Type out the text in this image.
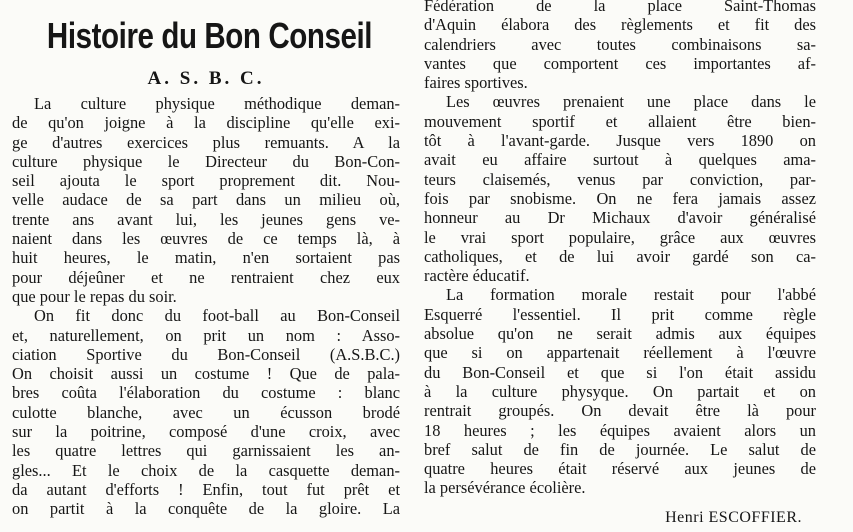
Histoire du Bon Conseil
A. S. B. C.
La culture physique méthodique deman-
de qu'on joigne à la discipline qu'elle exi-
ge d'autres exercices plus remuants. A la
culture physique le Directeur du Bon-Con-
seil ajouta le sport proprement dit. Nou-
velle audace de sa part dans un milieu où,
trente ans avant lui, les jeunes gens ve-
naient dans les œuvres de ce temps là, à
huit heures, le matin, n'en sortaient pas
pour déjeûner et ne rentraient chez eux
que pour le repas du soir.
On fit donc du foot-ball au Bon-Conseil
et, naturellement, on prit un nom : Asso-
ciation Sportive du Bon-Conseil (A.S.B.C.)
On choisit aussi un costume ! Que de pala-
bres coûta l'élaboration du costume : blanc
culotte blanche, avec un écusson brodé
sur la poitrine, composé d'une croix, avec
les quatre lettres qui garnissaient les an-
gles... Et le choix de la casquette deman-
da autant d'efforts ! Enfin, tout fut prêt et
on partit à la conquête de la gloire. La
Fédération de la place Saint-Thomas
d'Aquin élabora des règlements et fit des
calendriers avec toutes combinaisons sa-
vantes que comportent ces importantes af-
faires sportives.
Les œuvres prenaient une place dans le
mouvement sportif et allaient être bien-
tôt à l'avant-garde. Jusque vers 1890 on
avait eu affaire surtout à quelques ama-
teurs claisemés, venus par conviction, par-
fois par snobisme. On ne fera jamais assez
honneur au Dr Michaux d'avoir généralisé
le vrai sport populaire, grâce aux œuvres
catholiques, et de lui avoir gardé son ca-
ractère éducatif.
La formation morale restait pour l'abbé
Esquerré l'essentiel. Il prit comme règle
absolue qu'on ne serait admis aux équipes
que si on appartenait réellement à l'œuvre
du Bon-Conseil et que si l'on était assidu
à la culture physyque. On partait et on
rentrait groupés. On devait être là pour
18 heures ; les équipes avaient alors un
bref salut de fin de journée. Le salut de
quatre heures était réservé aux jeunes de
la persévérance écolière.
Henri ESCOFFIER.
